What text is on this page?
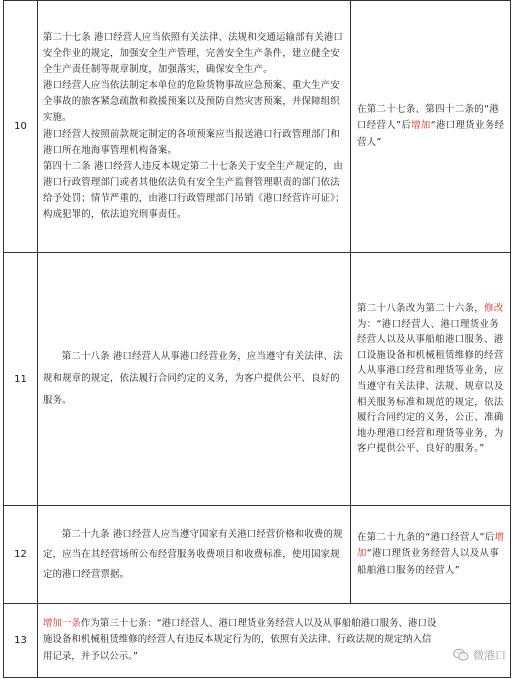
10	第二十七条 港口经营人应当依照有关法律、法规和交通运输部有关港口安全作业的规定，加强安全生产管理，完善安全生产条件，建立健全安全生产责任制等规章制度，加强落实，确保安全生产。

港口经营人应当依法制定本单位的危险货物事故应急预案、重大生产安全事故的旅客紧急疏散和救援预案以及预防自然灾害预案，并保障组织实施。

港口经营人按照前款规定制定的各项预案应当报送港口行政管理部门和港口所在地海事管理机构备案。

第四十二条 港口经营人违反本规定第二十七条关于安全生产规定的，由港口行政管理部门或者其他依法负有安全生产监督管理职责的部门依法给予处罚；情节严重的，由港口行政管理部门吊销《港口经营许可证》；构成犯罪的，依法追究刑事责任。	在第二十七条、第四十二条的“港口经营人”后增加“港口理货业务经营人”

11	第二十八条 港口经营人从事港口经营业务，应当遵守有关法律、法规和规章的规定，依法履行合同约定的义务，为客户提供公平、良好的服务。	第二十八条改为第二十六条，修改为：“港口经营人、港口理货业务经营人以及从事船舶港口服务、港口设施设备和机械租赁维修的经营人从事港口经营和理货等业务，应当遵守有关法律、法规、规章以及相关服务标准和规范的规定，依法履行合同约定的义务，公正、准确地办理港口经营和理货等业务，为客户提供公平、良好的服务。”

12	第二十九条 港口经营人应当遵守国家有关港口经营价格和收费的规定，应当在其经营场所公布经营服务收费项目和收费标准，使用国家规定的港口经营票据。	在第二十九条的“港口经营人”后增加“港口理货业务经营人以及从事船舶港口服务的经营人”

13	增加一条作为第三十七条：“港口经营人、港口理货业务经营人以及从事船舶港口服务、港口设施设备和机械租赁维修的经营人有违反本规定行为的，依照有关法律、行政法规的规定纳入信用记录，并予以公示。”		微港口
